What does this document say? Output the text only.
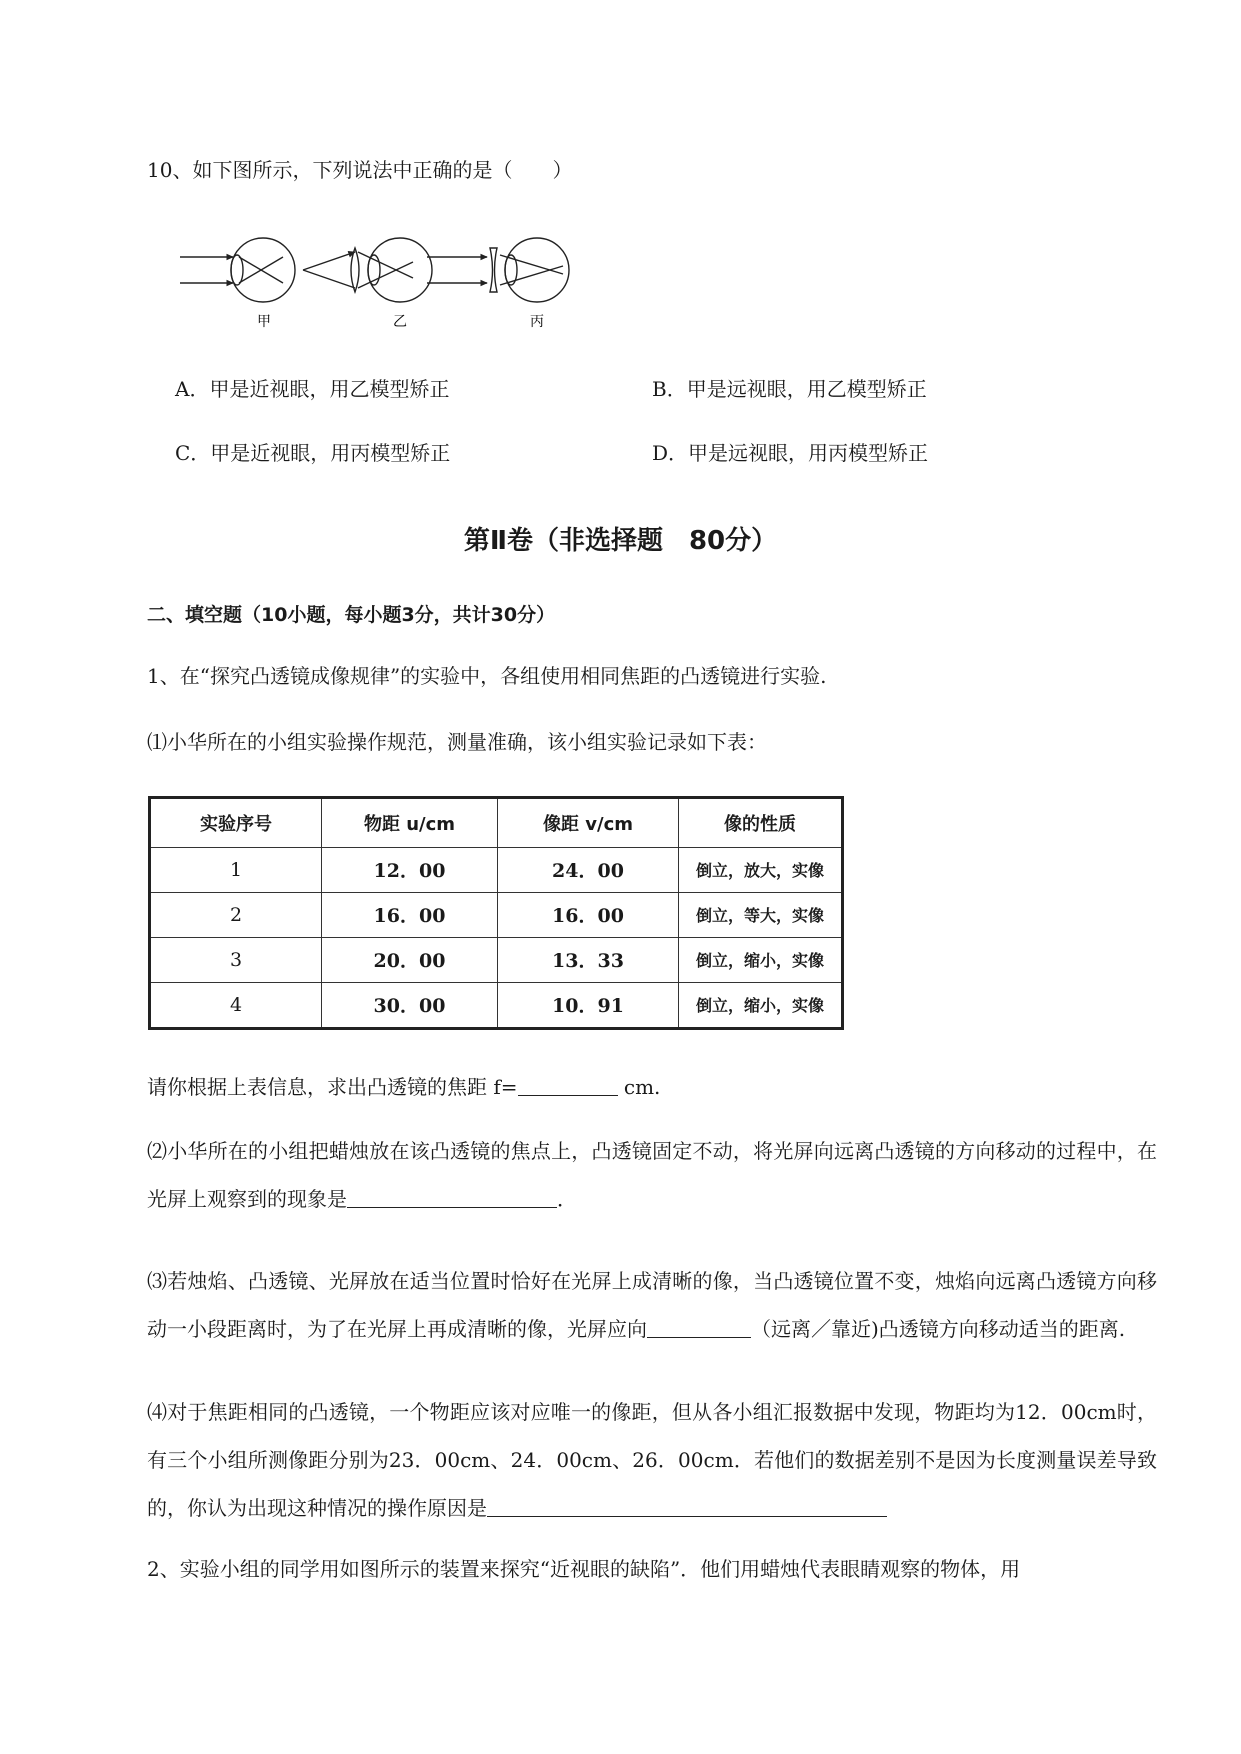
10、如下图所示，下列说法中正确的是（　　）
甲	乙	丙
A．甲是近视眼，用乙模型矫正	B．甲是远视眼，用乙模型矫正
C．甲是近视眼，用丙模型矫正	D．甲是远视眼，用丙模型矫正
第Ⅱ卷（非选择题　80分）
二、填空题（10小题，每小题3分，共计30分）
1、在“探究凸透镜成像规律”的实验中，各组使用相同焦距的凸透镜进行实验.
⑴小华所在的小组实验操作规范，测量准确，该小组实验记录如下表：
实验序号	物距 u/cm	像距 v/cm	像的性质
1	12．00	24．00	倒立，放大，实像
2	16．00	16．00	倒立，等大，实像
3	20．00	13．33	倒立，缩小，实像
4	30．00	10．91	倒立，缩小，实像
请你根据上表信息，求出凸透镜的焦距 f=	cm.
⑵小华所在的小组把蜡烛放在该凸透镜的焦点上，凸透镜固定不动，将光屏向远离凸透镜的方向移动的过程中，在光屏上观察到的现象是	．
⑶若烛焰、凸透镜、光屏放在适当位置时恰好在光屏上成清晰的像，当凸透镜位置不变，烛焰向远离凸透镜方向移动一小段距离时，为了在光屏上再成清晰的像，光屏应向	（远离／靠近)凸透镜方向移动适当的距离.
⑷对于焦距相同的凸透镜，一个物距应该对应唯一的像距，但从各小组汇报数据中发现，物距均为12．00cm时，有三个小组所测像距分别为23．00cm、24．00cm、26．00cm．若他们的数据差别不是因为长度测量误差导致的，你认为出现这种情况的操作原因是
2、实验小组的同学用如图所示的装置来探究“近视眼的缺陷”．他们用蜡烛代表眼睛观察的物体，用
